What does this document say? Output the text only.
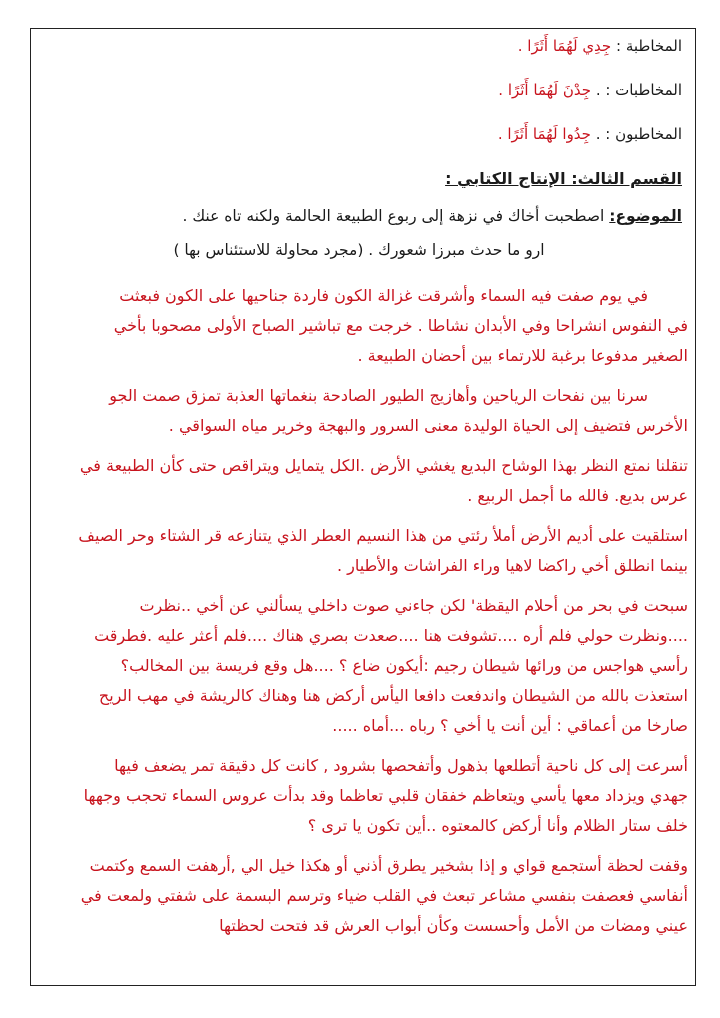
المخاطبة : جِدِي لَهُمَا أَثَرًا .
المخاطبات : . جِدْنَ لَهُمَا أَثَرًا .
المخاطبون : . جِدُوا لَهُمَا أَثَرًا .
القسم الثالث: الإنتاج الكتابي :
الموضوع: اصطحبت أخاك في نزهة إلى ربوع الطبيعة الحالمة ولكنه تاه عنك .
ارو ما حدث مبرزا شعورك . (مجرد محاولة للاستئناس بها )
في يوم صفت فيه السماء وأشرقت غزالة الكون فاردة جناحيها على الكون فبعثت
في النفوس انشراحا وفي الأبدان نشاطا . خرجت مع تباشير الصباح الأولى مصحوبا بأخي
الصغير مدفوعا برغبة للارتماء بين أحضان الطبيعة .
سرنا بين نفحات الرياحين وأهازيج الطيور الصادحة بنغماتها العذبة تمزق صمت الجو
الأخرس فتضيف إلى الحياة الوليدة معنى السرور والبهجة وخرير مياه السواقي .
تنقلنا نمتع النظر بهذا الوشاح البديع يغشي الأرض .الكل يتمايل ويتراقص حتى كأن الطبيعة في
عرس بديع. فالله ما أجمل الربيع .
استلقيت على أديم الأرض أملأ رئتي من هذا النسيم العطر الذي يتنازعه قر الشتاء وحر الصيف
بينما انطلق أخي راكضا لاهيا وراء الفراشات والأطيار .
سبحت في بحر من أحلام اليقظة' لكن جاءني صوت داخلي يسألني عن أخي ..نظرت
....ونظرت حولي فلم أره ....تشوفت هنا ....صعدت بصري هناك ....فلم أعثر عليه .فطرقت
رأسي هواجس من ورائها شيطان رجيم :أيكون ضاع ؟ ....هل وقع فريسة بين المخالب؟
استعذت بالله من الشيطان واندفعت دافعا اليأس أركض هنا وهناك كالريشة في مهب الريح
صارخا من أعماقي : أين أنت يا أخي ؟ رباه ...أماه .....
أسرعت إلى كل ناحية أتطلعها بذهول وأتفحصها بشرود , كانت كل دقيقة تمر يضعف فيها
جهدي ويزداد معها يأسي ويتعاظم خفقان قلبي تعاظما وقد بدأت عروس السماء تحجب وجهها
خلف ستار الظلام وأنا أركض كالمعتوه ..أين تكون يا ترى ؟
وقفت لحظة أستجمع قواي و إذا بشخير يطرق أذني أو هكذا خيل الي ,أرهفت السمع وكتمت
أنفاسي فعصفت بنفسي مشاعر تبعث في القلب ضياء وترسم البسمة على شفتي ولمعت في
عيني ومضات من الأمل وأحسست وكأن أبواب العرش قد فتحت لحظتها
